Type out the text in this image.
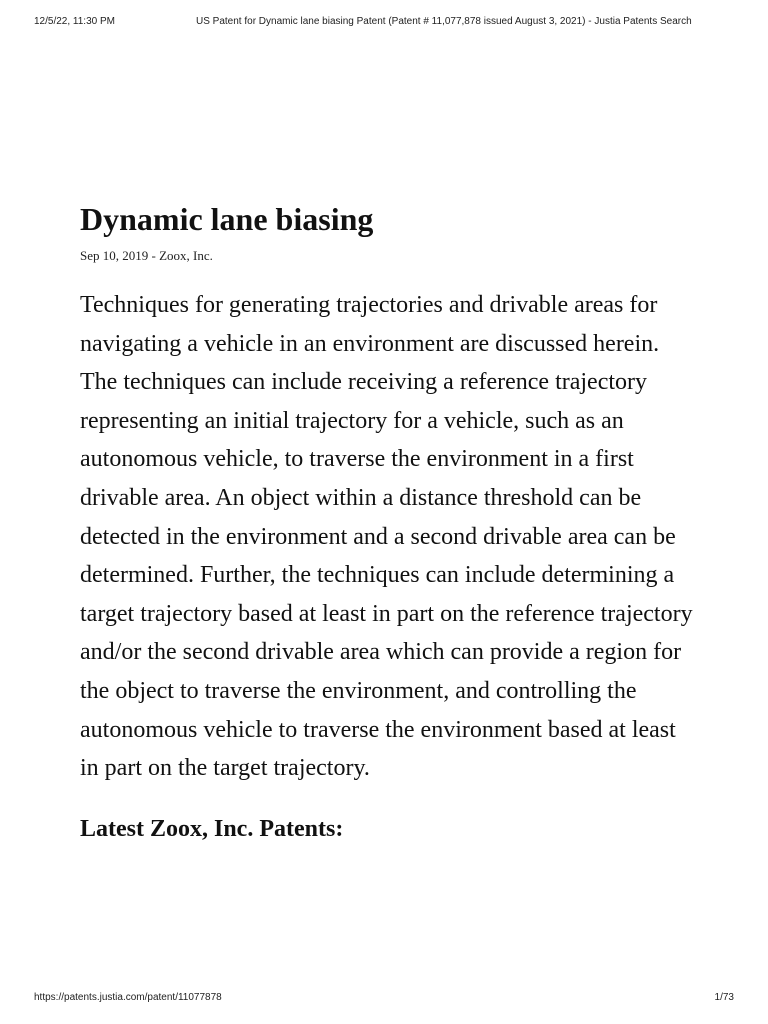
12/5/22, 11:30 PM	US Patent for Dynamic lane biasing Patent (Patent # 11,077,878 issued August 3, 2021) - Justia Patents Search
Dynamic lane biasing

Sep 10, 2019 - Zoox, Inc.

Techniques for generating trajectories and drivable areas for navigating a vehicle in an environment are discussed herein. The techniques can include receiving a reference trajectory representing an initial trajectory for a vehicle, such as an autonomous vehicle, to traverse the environment in a first drivable area. An object within a distance threshold can be detected in the environment and a second drivable area can be determined. Further, the techniques can include determining a target trajectory based at least in part on the reference trajectory and/or the second drivable area which can provide a region for the object to traverse the environment, and controlling the autonomous vehicle to traverse the environment based at least in part on the target trajectory.

Latest Zoox, Inc. Patents:
https://patents.justia.com/patent/11077878	1/73
